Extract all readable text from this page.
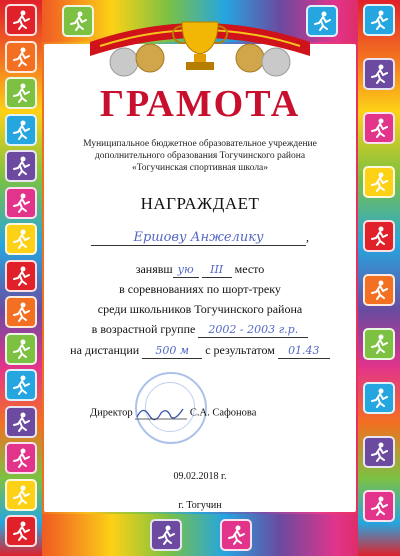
ГРАМОТА
Муниципальное бюджетное образовательное учреждение
дополнительного образования Тогучинского района
«Тогучинская спортивная школа»
НАГРАЖДАЕТ
Ершову Анжелику	,
занявш ую III место
в соревнованиях по шорт-треку
среди школьников Тогучинского района
в возрастной группе 2002 - 2003 г.р.
на дистанции 500 м с результатом 01.43
Директор	С.А. Сафонова
09.02.2018 г.
г. Тогучин
